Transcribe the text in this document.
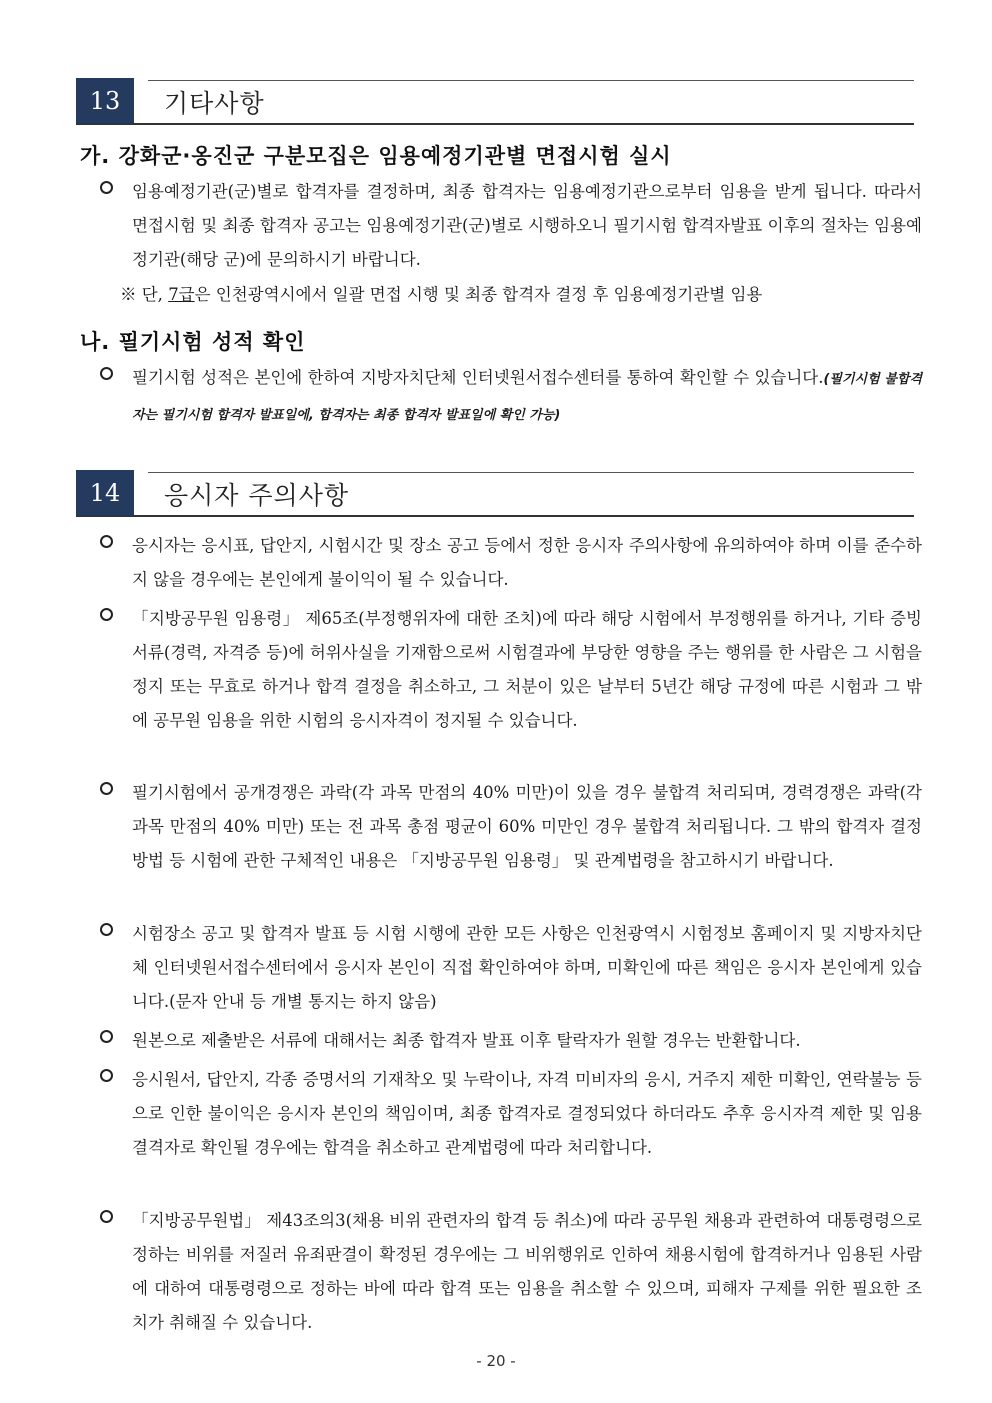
13	기타사항
가. 강화군·옹진군 구분모집은 임용예정기관별 면접시험 실시
임용예정기관(군)별로 합격자를 결정하며, 최종 합격자는 임용예정기관으로부터 임용을 받게 됩니다. 따라서 면접시험 및 최종 합격자 공고는 임용예정기관(군)별로 시행하오니 필기시험 합격자발표 이후의 절차는 임용예정기관(해당 군)에 문의하시기 바랍니다.
※ 단, 7급은 인천광역시에서 일괄 면접 시행 및 최종 합격자 결정 후 임용예정기관별 임용
나. 필기시험 성적 확인
필기시험 성적은 본인에 한하여 지방자치단체 인터넷원서접수센터를 통하여 확인할 수 있습니다.(필기시험 불합격자는 필기시험 합격자 발표일에, 합격자는 최종 합격자 발표일에 확인 가능)
14	응시자 주의사항
응시자는 응시표, 답안지, 시험시간 및 장소 공고 등에서 정한 응시자 주의사항에 유의하여야 하며 이를 준수하지 않을 경우에는 본인에게 불이익이 될 수 있습니다.
「지방공무원 임용령」 제65조(부정행위자에 대한 조치)에 따라 해당 시험에서 부정행위를 하거나, 기타 증빙서류(경력, 자격증 등)에 허위사실을 기재함으로써 시험결과에 부당한 영향을 주는 행위를 한 사람은 그 시험을 정지 또는 무효로 하거나 합격 결정을 취소하고, 그 처분이 있은 날부터 5년간 해당 규정에 따른 시험과 그 밖에 공무원 임용을 위한 시험의 응시자격이 정지될 수 있습니다.
필기시험에서 공개경쟁은 과락(각 과목 만점의 40% 미만)이 있을 경우 불합격 처리되며, 경력경쟁은 과락(각 과목 만점의 40% 미만) 또는 전 과목 총점 평균이 60% 미만인 경우 불합격 처리됩니다. 그 밖의 합격자 결정방법 등 시험에 관한 구체적인 내용은 「지방공무원 임용령」 및 관계법령을 참고하시기 바랍니다.
시험장소 공고 및 합격자 발표 등 시험 시행에 관한 모든 사항은 인천광역시 시험정보 홈페이지 및 지방자치단체 인터넷원서접수센터에서 응시자 본인이 직접 확인하여야 하며, 미확인에 따른 책임은 응시자 본인에게 있습니다.(문자 안내 등 개별 통지는 하지 않음)
원본으로 제출받은 서류에 대해서는 최종 합격자 발표 이후 탈락자가 원할 경우는 반환합니다.
응시원서, 답안지, 각종 증명서의 기재착오 및 누락이나, 자격 미비자의 응시, 거주지 제한 미확인, 연락불능 등으로 인한 불이익은 응시자 본인의 책임이며, 최종 합격자로 결정되었다 하더라도 추후 응시자격 제한 및 임용결격자로 확인될 경우에는 합격을 취소하고 관계법령에 따라 처리합니다.
「지방공무원법」 제43조의3(채용 비위 관련자의 합격 등 취소)에 따라 공무원 채용과 관련하여 대통령령으로 정하는 비위를 저질러 유죄판결이 확정된 경우에는 그 비위행위로 인하여 채용시험에 합격하거나 임용된 사람에 대하여 대통령령으로 정하는 바에 따라 합격 또는 임용을 취소할 수 있으며, 피해자 구제를 위한 필요한 조치가 취해질 수 있습니다.
- 20 -
